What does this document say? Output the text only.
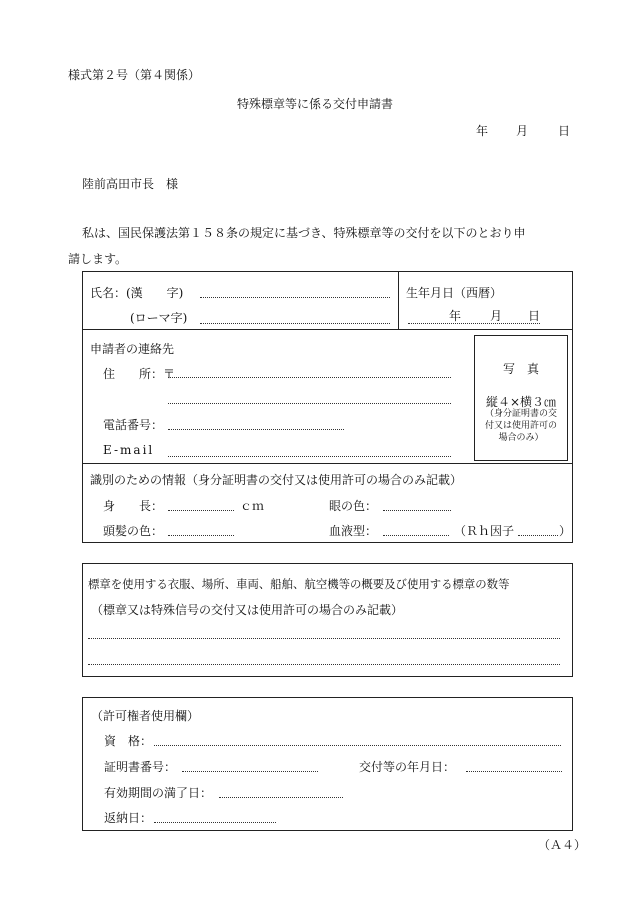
様式第２号（第４関係）
特殊標章等に係る交付申請書
年 月 日
陸前高田市長　様
私は、国民保護法第１５８条の規定に基づき、特殊標章等の交付を以下のとおり申
請します。
氏名：(漢　　字)
(ローマ字)
生年月日（西暦）
年 月 日
申請者の連絡先
住　　所：〒
電話番号：
E-mail
写　真
縦４×横３㎝
（身分証明書の交付又は使用許可の場合のみ）
識別のための情報（身分証明書の交付又は使用許可の場合のみ記載）
身　　長：	ｃｍ	眼の色：
頭髪の色：	血液型：	（Ｒｈ因子	）
標章を使用する衣服、場所、車両、船舶、航空機等の概要及び使用する標章の数等
（標章又は特殊信号の交付又は使用許可の場合のみ記載）
（許可権者使用欄）
資　格：
証明書番号：	交付等の年月日：
有効期間の満了日：
返納日：
（Ａ４）
